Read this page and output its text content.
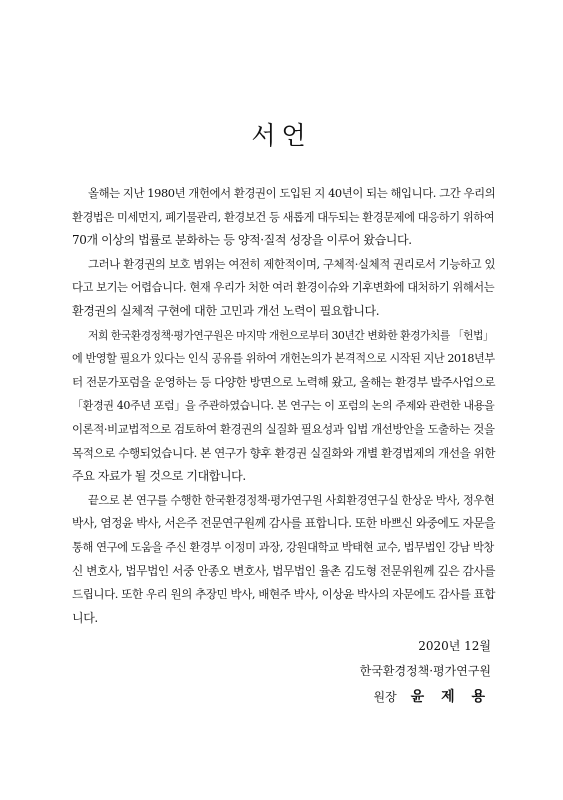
서언

올해는 지난 1980년 개헌에서 환경권이 도입된 지 40년이 되는 해입니다. 그간 우리의
환경법은 미세먼지, 폐기물관리, 환경보건 등 새롭게 대두되는 환경문제에 대응하기 위하여
70개 이상의 법률로 분화하는 등 양적·질적 성장을 이루어 왔습니다.

그러나 환경권의 보호 범위는 여전히 제한적이며, 구체적·실체적 권리로서 기능하고 있
다고 보기는 어렵습니다. 현재 우리가 처한 여러 환경이슈와 기후변화에 대처하기 위해서는
환경권의 실체적 구현에 대한 고민과 개선 노력이 필요합니다.

저희 한국환경정책·평가연구원은 마지막 개헌으로부터 30년간 변화한 환경가치를 「헌법」
에 반영할 필요가 있다는 인식 공유를 위하여 개헌논의가 본격적으로 시작된 지난 2018년부
터 전문가포럼을 운영하는 등 다양한 방면으로 노력해 왔고, 올해는 환경부 발주사업으로
「환경권 40주년 포럼」을 주관하였습니다. 본 연구는 이 포럼의 논의 주제와 관련한 내용을
이론적·비교법적으로 검토하여 환경권의 실질화 필요성과 입법 개선방안을 도출하는 것을
목적으로 수행되었습니다. 본 연구가 향후 환경권 실질화와 개별 환경법제의 개선을 위한
주요 자료가 될 것으로 기대합니다.

끝으로 본 연구를 수행한 한국환경정책·평가연구원 사회환경연구실 한상운 박사, 정우현
박사, 염정윤 박사, 서은주 전문연구원께 감사를 표합니다. 또한 바쁘신 와중에도 자문을
통해 연구에 도움을 주신 환경부 이정미 과장, 강원대학교 박태현 교수, 법무법인 강남 박창
신 변호사, 법무법인 서중 안종오 변호사, 법무법인 율촌 김도형 전문위원께 깊은 감사를
드립니다. 또한 우리 원의 추장민 박사, 배현주 박사, 이상윤 박사의 자문에도 감사를 표합
니다.

2020년 12월
한국환경정책·평가연구원
원장 윤 제 용
